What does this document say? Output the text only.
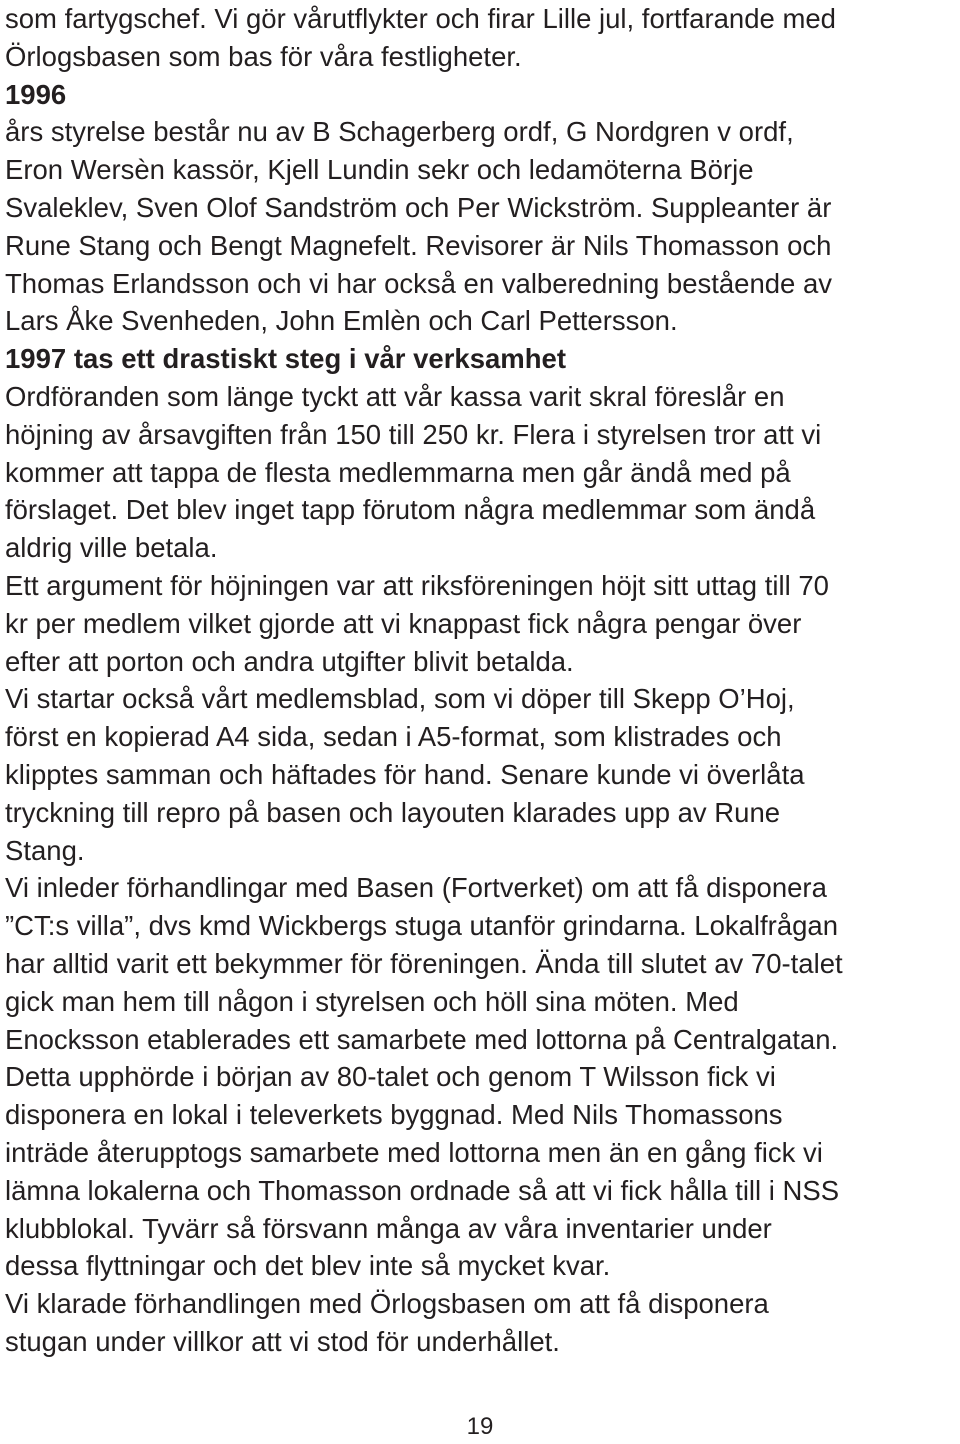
som fartygschef. Vi gör vårutflykter och firar Lille jul, fortfarande med
Örlogsbasen som bas för våra festligheter.
1996
års styrelse består nu av B Schagerberg ordf, G Nordgren v ordf,
Eron Wersèn kassör, Kjell Lundin sekr och ledamöterna Börje
Svaleklev, Sven Olof Sandström och Per Wickström. Suppleanter är
Rune Stang och Bengt Magnefelt. Revisorer är Nils Thomasson och
Thomas Erlandsson och vi har också en valberedning bestående av
Lars Åke Svenheden, John Emlèn och Carl Pettersson.
1997 tas ett drastiskt steg i vår verksamhet
Ordföranden som länge tyckt att vår kassa varit skral föreslår en
höjning av årsavgiften från 150 till 250 kr. Flera i styrelsen tror att vi
kommer att tappa de flesta medlemmarna men går ändå med på
förslaget. Det blev inget tapp förutom några medlemmar som ändå
aldrig ville betala.
Ett argument för höjningen var att riksföreningen höjt sitt uttag till 70
kr per medlem vilket gjorde att vi knappast fick några pengar över
efter att porton och andra utgifter blivit betalda.
Vi startar också vårt medlemsblad, som vi döper till Skepp O’Hoj,
först en kopierad A4 sida, sedan i A5-format, som klistrades och
klipptes samman och häftades för hand. Senare kunde vi överlåta
tryckning till repro på basen och layouten klarades upp av Rune
Stang.
Vi inleder förhandlingar med Basen (Fortverket) om att få disponera
”CT:s villa”, dvs kmd Wickbergs stuga utanför grindarna. Lokalfrågan
har alltid varit ett bekymmer för föreningen. Ända till slutet av 70-talet
gick man hem till någon i styrelsen och höll sina möten. Med
Enocksson etablerades ett samarbete med lottorna på Centralgatan.
Detta upphörde i början av 80-talet och genom T Wilsson fick vi
disponera en lokal i televerkets byggnad. Med Nils Thomassons
inträde återupptogs samarbete med lottorna men än en gång fick vi
lämna lokalerna och Thomasson ordnade så att vi fick hålla till i NSS
klubblokal. Tyvärr så försvann många av våra inventarier under
dessa flyttningar och det blev inte så mycket kvar.
Vi klarade förhandlingen med Örlogsbasen om att få disponera
stugan under villkor att vi stod för underhållet.
19
